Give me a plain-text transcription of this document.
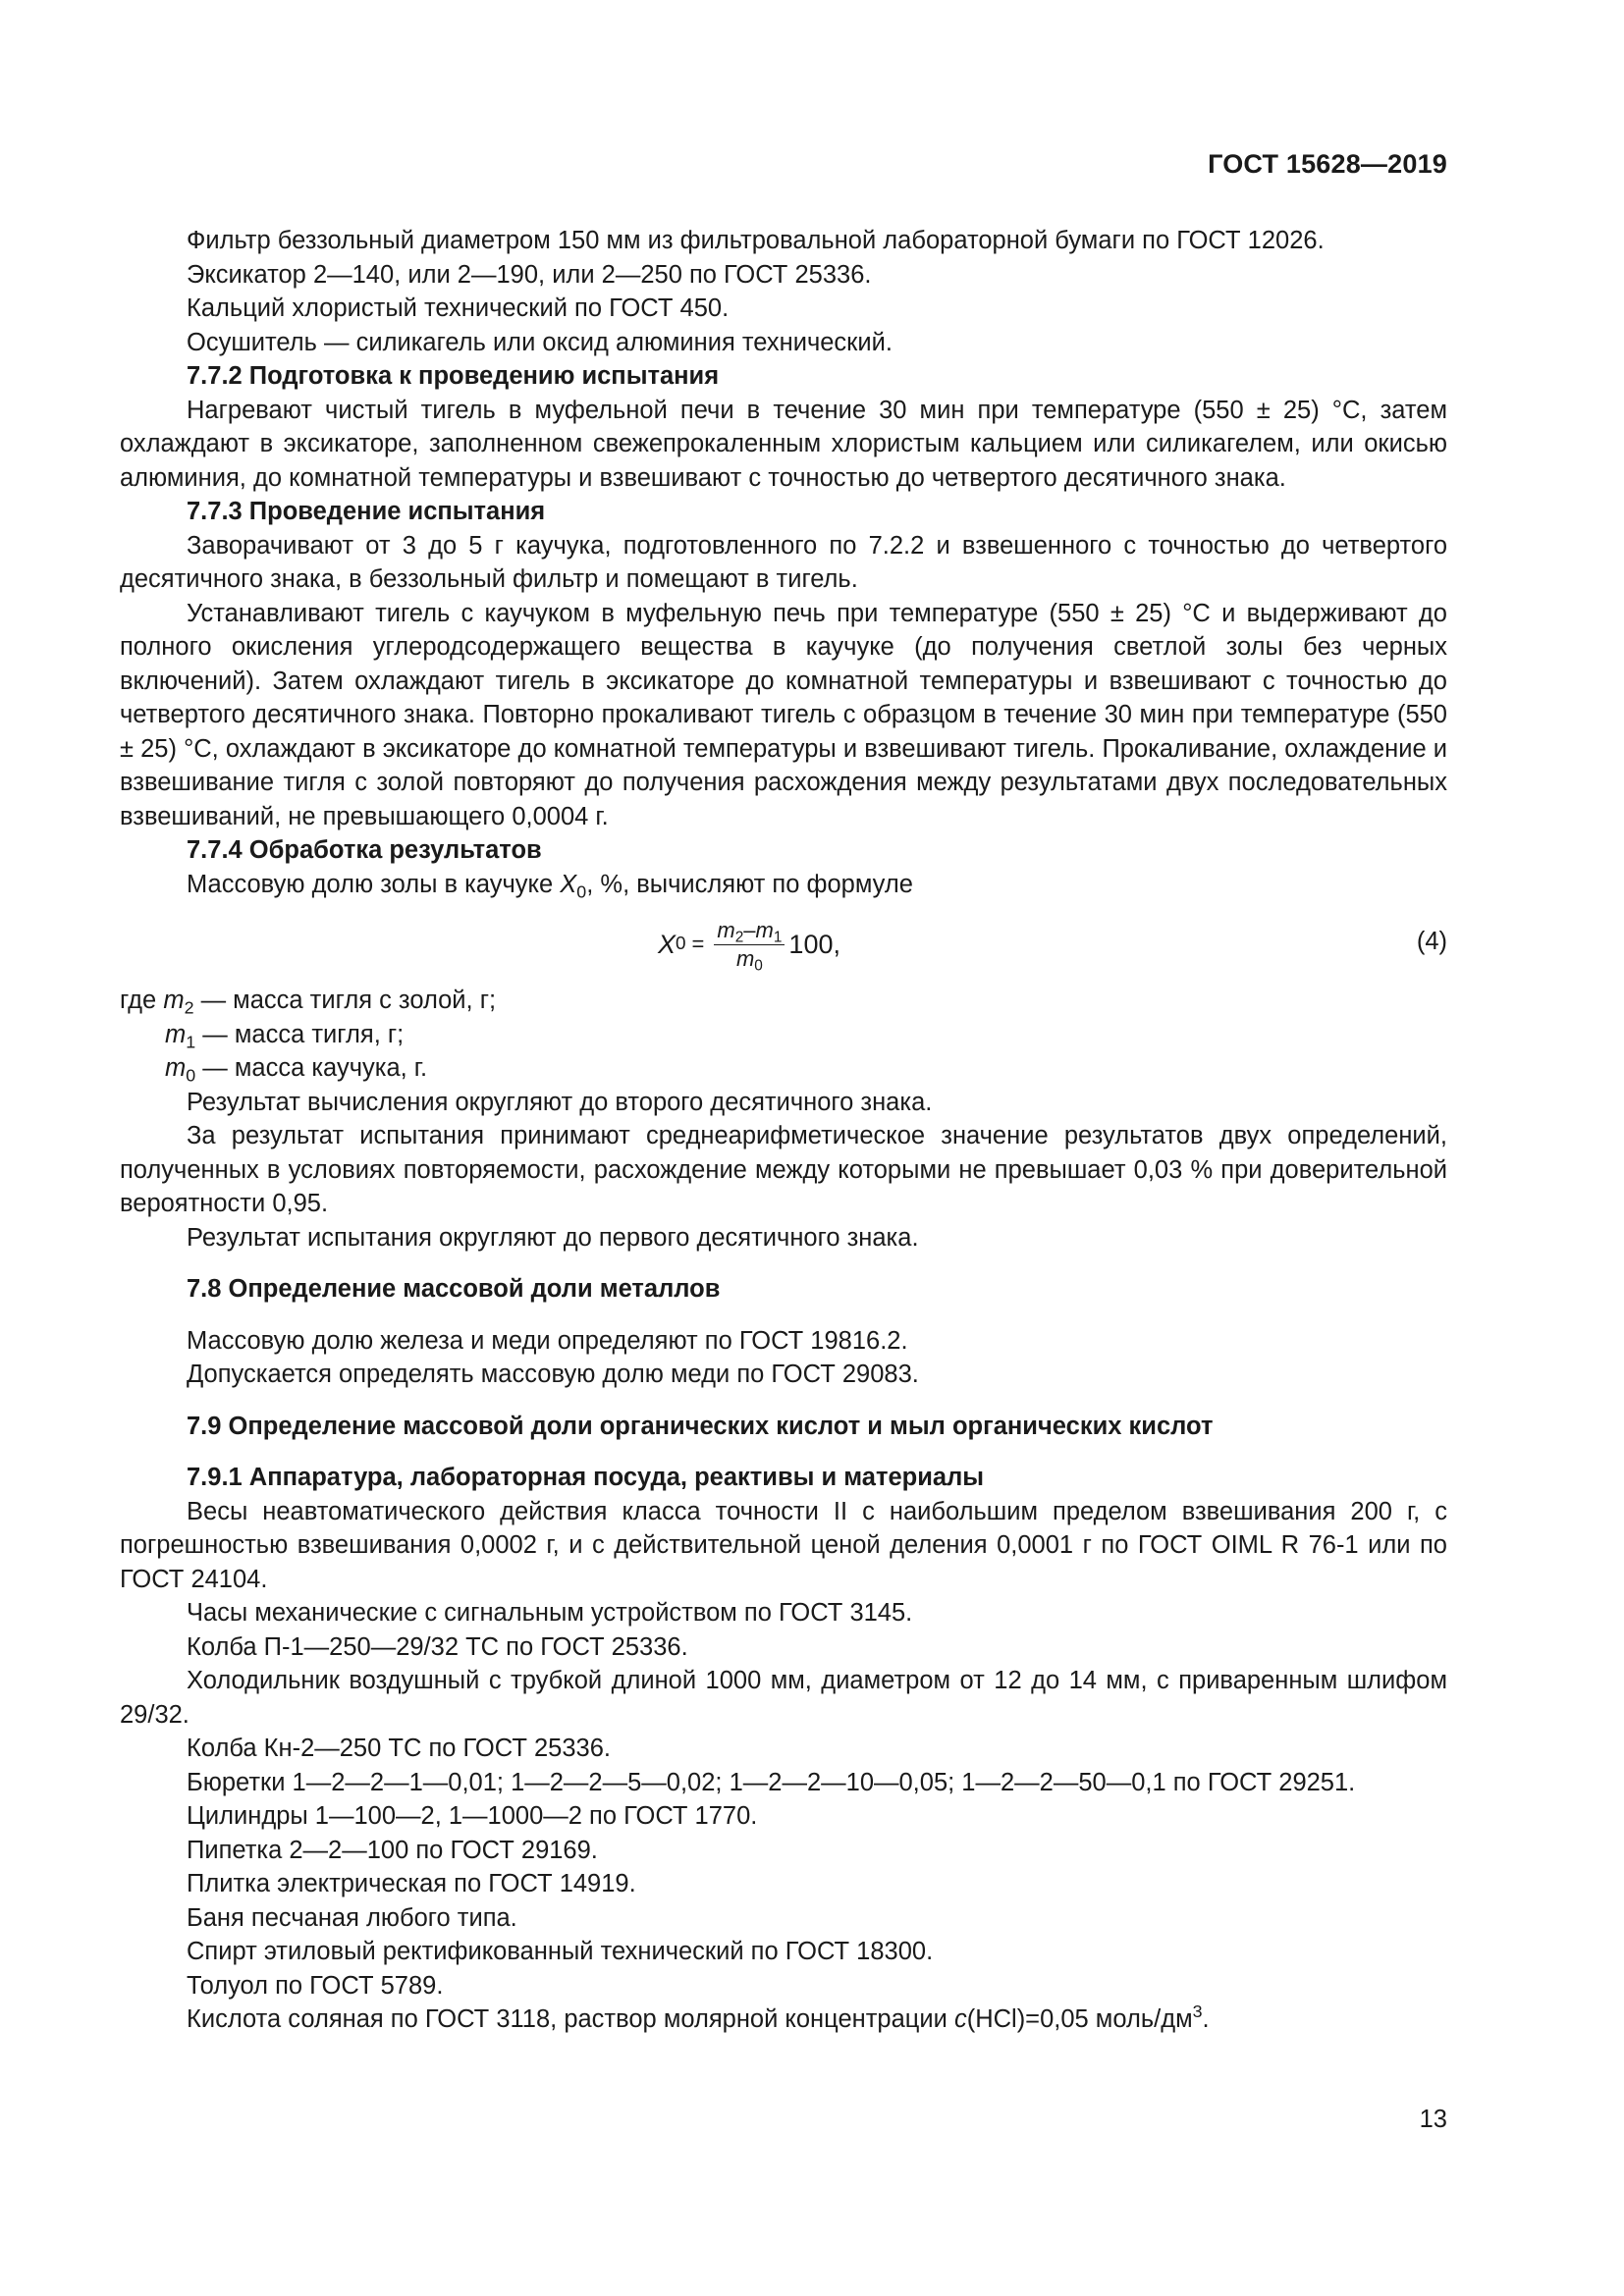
ГОСТ 15628—2019

Фильтр беззольный диаметром 150 мм из фильтровальной лабораторной бумаги по ГОСТ 12026.

Эксикатор 2—140, или 2—190, или 2—250 по ГОСТ 25336.

Кальций хлористый технический по ГОСТ 450.

Осушитель — силикагель или оксид алюминия технический.

7.7.2 Подготовка к проведению испытания

Нагревают чистый тигель в муфельной печи в течение 30 мин при температуре (550 ± 25) °С, затем охлаждают в эксикаторе, заполненном свежепрокаленным хлористым кальцием или силикагелем, или окисью алюминия, до комнатной температуры и взвешивают с точностью до четвертого десятичного знака.

7.7.3 Проведение испытания

Заворачивают от 3 до 5 г каучука, подготовленного по 7.2.2 и взвешенного с точностью до четвертого десятичного знака, в беззольный фильтр и помещают в тигель.

Устанавливают тигель с каучуком в муфельную печь при температуре (550 ± 25) °С и выдерживают до полного окисления углеродсодержащего вещества в каучуке (до получения светлой золы без черных включений). Затем охлаждают тигель в эксикаторе до комнатной температуры и взвешивают с точностью до четвертого десятичного знака. Повторно прокаливают тигель с образцом в течение 30 мин при температуре (550 ± 25) °С, охлаждают в эксикаторе до комнатной температуры и взвешивают тигель. Прокаливание, охлаждение и взвешивание тигля с золой повторяют до получения расхождения между результатами двух последовательных взвешиваний, не превышающего 0,0004 г.

7.7.4 Обработка результатов

Массовую долю золы в каучуке $X_0$, %, вычисляют по формуле

X $0 = \frac{m_2-m_1}{m_0} 100$,	(4)

где $m_2$ — масса тигля с золой, г;

$m_1$ — масса тигля, г;

$m_0$ — масса каучука, г.

Результат вычисления округляют до второго десятичного знака.

За результат испытания принимают среднеарифметическое значение результатов двух определений, полученных в условиях повторяемости, расхождение между которыми не превышает 0,03 % при доверительной вероятности 0,95.

Результат испытания округляют до первого десятичного знака.

7.8 Определение массовой доли металлов

Массовую долю железа и меди определяют по ГОСТ 19816.2.

Допускается определять массовую долю меди по ГОСТ 29083.

7.9 Определение массовой доли органических кислот и мыл органических кислот

7.9.1 Аппаратура, лабораторная посуда, реактивы и материалы

Весы неавтоматического действия класса точности II с наибольшим пределом взвешивания 200 г, с погрешностью взвешивания 0,0002 г, и с действительной ценой деления 0,0001 г по ГОСТ OIML R 76-1 или по ГОСТ 24104.

Часы механические с сигнальным устройством по ГОСТ 3145.

Колба П-1—250—29/32 ТС по ГОСТ 25336.

Холодильник воздушный с трубкой длиной 1000 мм, диаметром от 12 до 14 мм, с приваренным шлифом 29/32.

Колба Кн-2—250 ТС по ГОСТ 25336.

Бюретки 1—2—2—1—0,01; 1—2—2—5—0,02; 1—2—2—10—0,05; 1—2—2—50—0,1 по ГОСТ 29251.

Цилиндры 1—100—2, 1—1000—2 по ГОСТ 1770.

Пипетка 2—2—100 по ГОСТ 29169.

Плитка электрическая по ГОСТ 14919.

Баня песчаная любого типа.

Спирт этиловый ректификованный технический по ГОСТ 18300.

Толуол по ГОСТ 5789.

Кислота соляная по ГОСТ 3118, раствор молярной концентрации c(HCl)=0,05 моль/$дм^3$.

13
